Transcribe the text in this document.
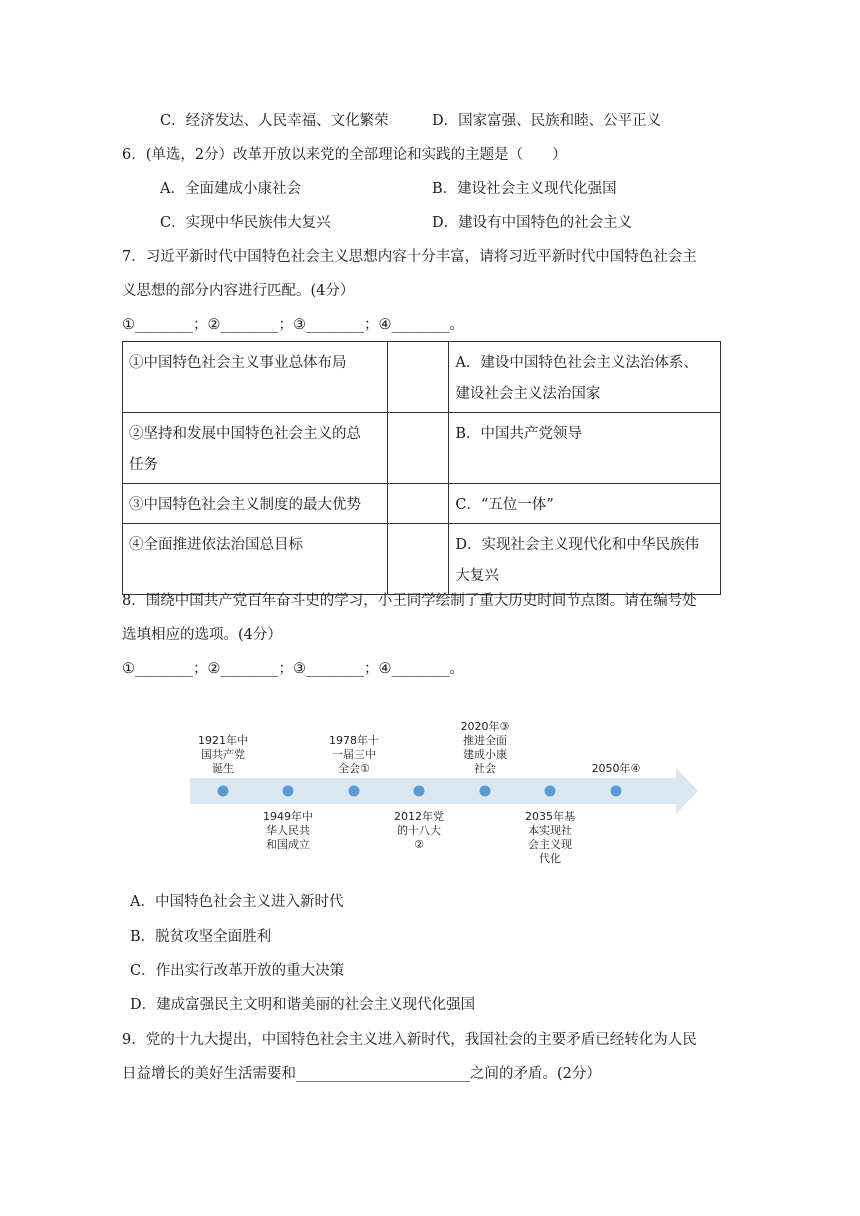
C．经济发达、人民幸福、文化繁荣	D．国家富强、民族和睦、公平正义
6．(单选，2分）改革开放以来党的全部理论和实践的主题是（　　）
A．全面建成小康社会	B．建设社会主义现代化强国
C．实现中华民族伟大复兴	D．建设有中国特色的社会主义
7．习近平新时代中国特色社会主义思想内容十分丰富，请将习近平新时代中国特色社会主
义思想的部分内容进行匹配。(4分）
①________；②________；③________；④________。
①中国特色社会主义事业总体布局		A．建设中国特色社会主义法治体系、
建设社会主义法治国家
②坚持和发展中国特色社会主义的总
任务		B．中国共产党领导
③中国特色社会主义制度的最大优势		C．“五位一体”
④全面推进依法治国总目标		D．实现社会主义现代化和中华民族伟
大复兴
8．围绕中国共产党百年奋斗史的学习，小王同学绘制了重大历史时间节点图。请在编号处
选填相应的选项。(4分）
①________；②________；③________；④________。
1921年中
国共产党
诞生
1978年十
一届三中
全会①
2020年③
推进全面
建成小康
社会	2050年④
1949年中
华人民共
和国成立
2012年党
的十八大
②
2035年基
本实现社
会主义现
代化
A．中国特色社会主义进入新时代
B．脱贫攻坚全面胜利
C．作出实行改革开放的重大决策
D．建成富强民主文明和谐美丽的社会主义现代化强国
9．党的十九大提出，中国特色社会主义进入新时代，我国社会的主要矛盾已经转化为人民
日益增长的美好生活需要和________________________之间的矛盾。(2分）
